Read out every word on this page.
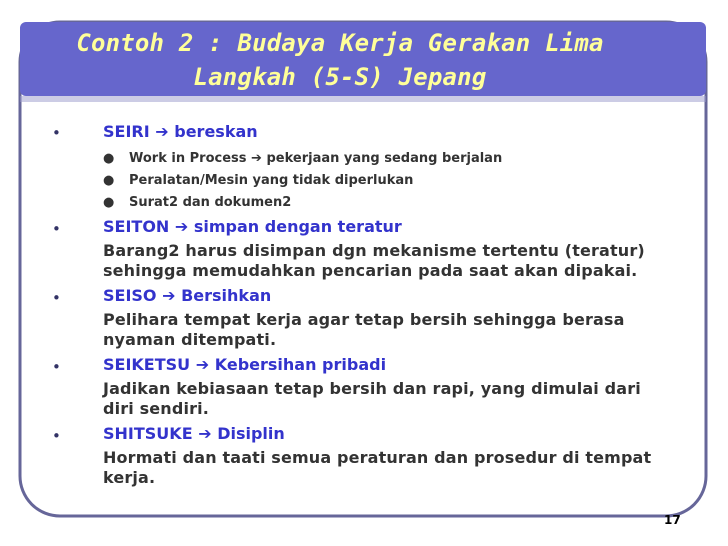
Contoh 2 : Budaya Kerja Gerakan Lima
Langkah (5-S) Jepang
•	SEIRI ➔ bereskan
● Work in Process ➔ pekerjaan yang sedang berjalan
● Peralatan/Mesin yang tidak diperlukan
● Surat2 dan dokumen2
•	SEITON ➔ simpan dengan teratur
Barang2 harus disimpan dgn mekanisme tertentu (teratur)
sehingga memudahkan pencarian pada saat akan dipakai.
•	SEISO ➔ Bersihkan
Pelihara tempat kerja agar tetap bersih sehingga berasa
nyaman ditempati.
•	SEIKETSU ➔ Kebersihan pribadi
Jadikan kebiasaan tetap bersih dan rapi, yang dimulai dari
diri sendiri.
•	SHITSUKE ➔ Disiplin
Hormati dan taati semua peraturan dan prosedur di tempat
kerja.
17
